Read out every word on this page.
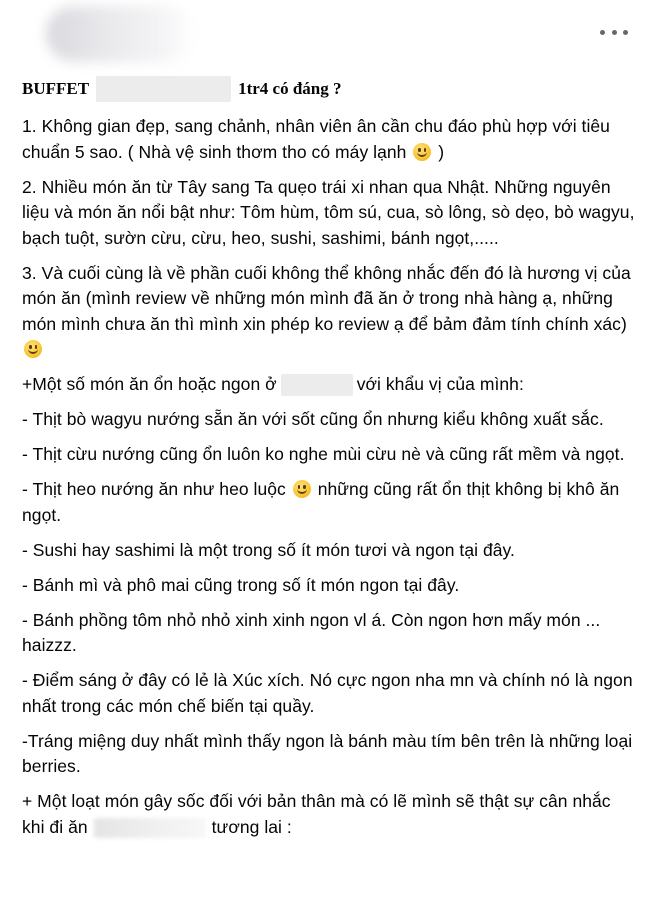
BUFFET	1tr4 có đáng ?

1. Không gian đẹp, sang chảnh, nhân viên ân cần chu đáo phù hợp với tiêu chuẩn 5 sao. ( Nhà vệ sinh thơm tho có máy lạnh )

2. Nhiều món ăn từ Tây sang Ta quẹo trái xi nhan qua Nhật. Những nguyên liệu và món ăn nổi bật như: Tôm hùm, tôm sú, cua, sò lông, sò dẹo, bò wagyu, bạch tuột, sườn cừu, cừu, heo, sushi, sashimi, bánh ngọt,.....

3. Và cuối cùng là về phần cuối không thể không nhắc đến đó là hương vị của món ăn (mình review về những món mình đã ăn ở trong nhà hàng ạ, những món mình chưa ăn thì mình xin phép ko review ạ để bảm đảm tính chính xác)

+Một số món ăn ổn hoặc ngon ở	với khẩu vị của mình:

- Thịt bò wagyu nướng sẵn ăn với sốt cũng ổn nhưng kiểu không xuất sắc.

- Thịt cừu nướng cũng ổn luôn ko nghe mùi cừu nè và cũng rất mềm và ngọt.

- Thịt heo nướng ăn như heo luộc những cũng rất ổn thịt không bị khô ăn ngọt.

- Sushi hay sashimi là một trong số ít món tươi và ngon tại đây.

- Bánh mì và phô mai cũng trong số ít món ngon tại đây.

- Bánh phồng tôm nhỏ nhỏ xinh xinh ngon vl á. Còn ngon hơn mấy món ... haizzz.

- Điểm sáng ở đây có lẻ là Xúc xích. Nó cực ngon nha mn và chính nó là ngon nhất trong các món chế biến tại quầy.

-Tráng miệng duy nhất mình thấy ngon là bánh màu tím bên trên là những loại berries.

+ Một loạt món gây sốc đối với bản thân mà có lẽ mình sẽ thật sự cân nhắc khi đi ăn	tương lai :
